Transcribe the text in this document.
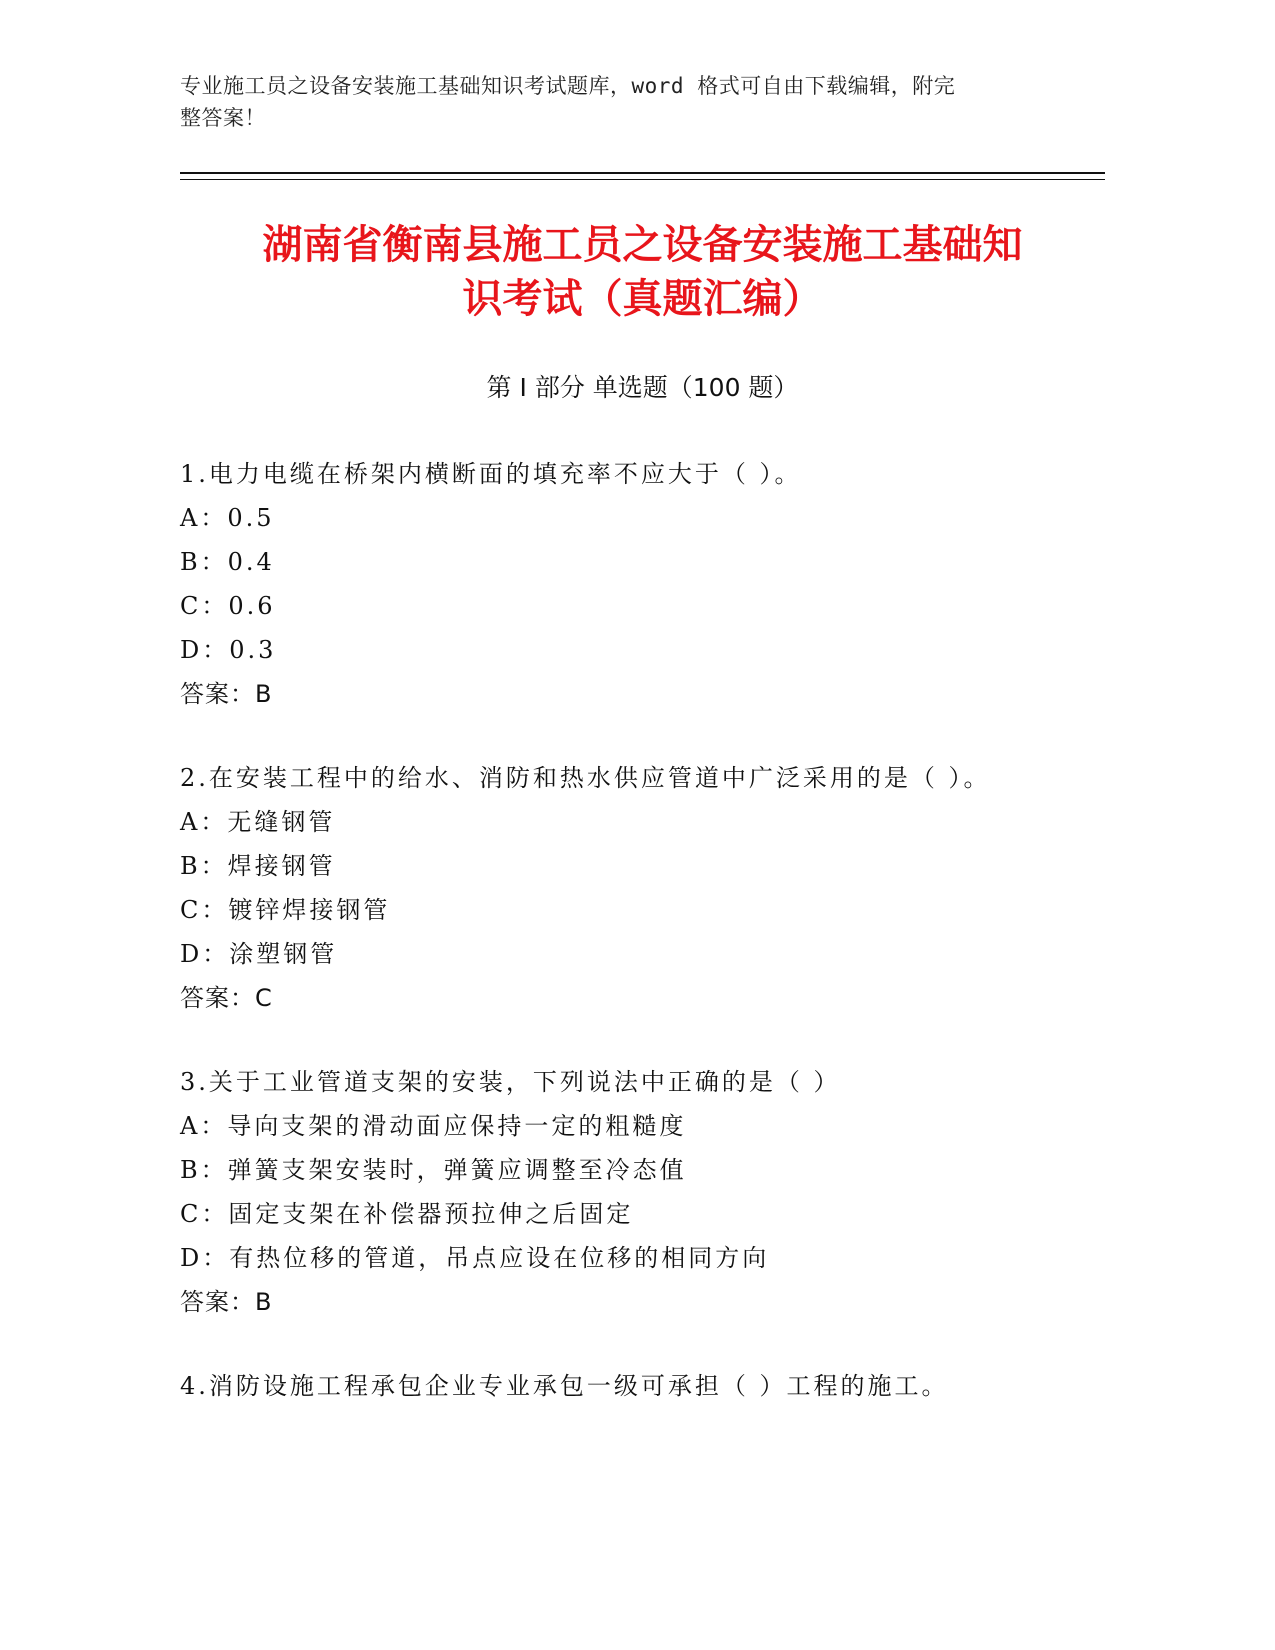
专业施工员之设备安装施工基础知识考试题库，word 格式可自由下载编辑，附完
整答案！
湖南省衡南县施工员之设备安装施工基础知
识考试（真题汇编）
第 I 部分 单选题（100 题）
1.电力电缆在桥架内横断面的填充率不应大于（ ）。
A：0.5
B：0.4
C：0.6
D：0.3
答案：B
2.在安装工程中的给水、消防和热水供应管道中广泛采用的是（ ）。
A：无缝钢管
B：焊接钢管
C：镀锌焊接钢管
D：涂塑钢管
答案：C
3.关于工业管道支架的安装，下列说法中正确的是（ ）
A：导向支架的滑动面应保持一定的粗糙度
B：弹簧支架安装时，弹簧应调整至冷态值
C：固定支架在补偿器预拉伸之后固定
D：有热位移的管道，吊点应设在位移的相同方向
答案：B
4.消防设施工程承包企业专业承包一级可承担（ ）工程的施工。
